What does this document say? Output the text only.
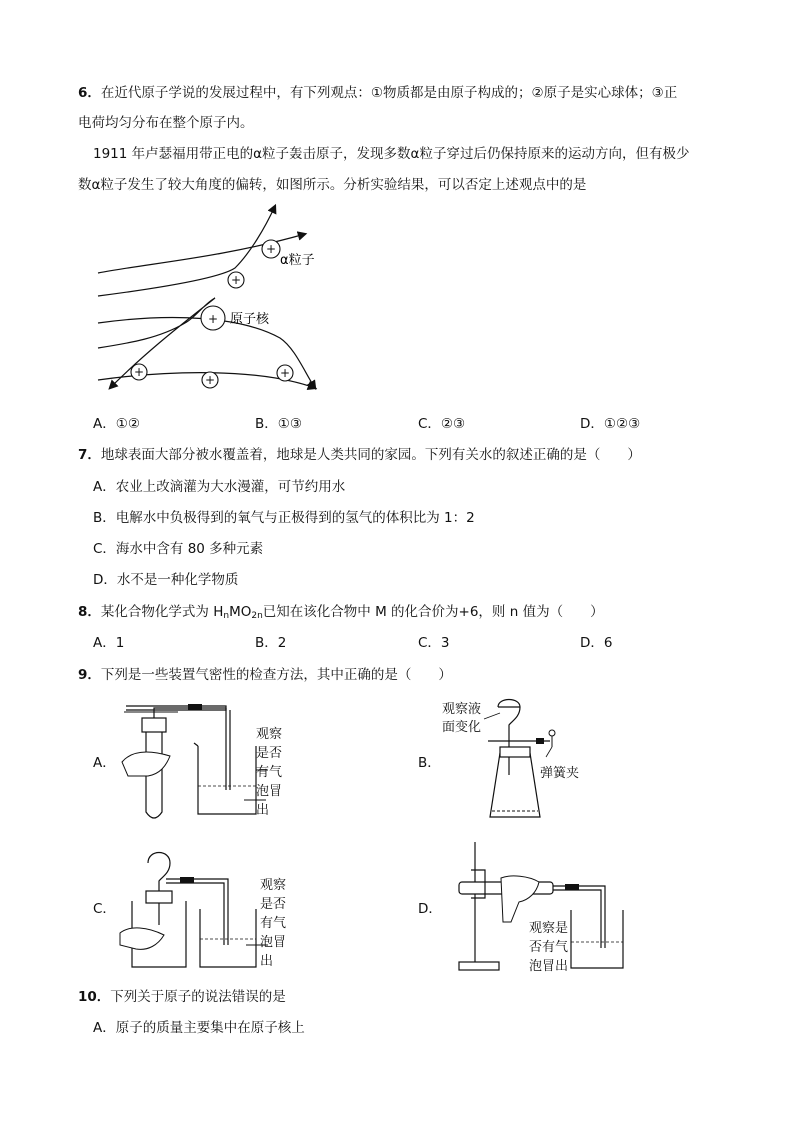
6．在近代原子学说的发展过程中，有下列观点：①物质都是由原子构成的；②原子是实心球体；③正
电荷均匀分布在整个原子内。
1911 年卢瑟福用带正电的α粒子轰击原子，发现多数α粒子穿过后仍保持原来的运动方向，但有极少
数α粒子发生了较大角度的偏转，如图所示。分析实验结果，可以否定上述观点中的是
+
+
+
+
+	+
α粒子
原子核
A．①②	B．①③	C．②③	D．①②③
7．地球表面大部分被水覆盖着，地球是人类共同的家园。下列有关水的叙述正确的是（　　）
A．农业上改滴灌为大水漫灌，可节约用水
B．电解水中负极得到的氧气与正极得到的氢气的体积比为 1：2
C．海水中含有 80 多种元素
D．水不是一种化学物质
8．某化合物化学式为 $H_nMO_{2n}$已知在该化合物中 M 的化合价为+6，则 n 值为（　　）
A．1	B．2	C．3	D．6
9．下列是一些装置气密性的检查方法，其中正确的是（　　）
A．
观察
是否
有气
泡冒
出
B．
观察液
面变化
弹簧夹
C．
观察
是否
有气
泡冒
出
D．
观察是
否有气
泡冒出
10．下列关于原子的说法错误的是
A．原子的质量主要集中在原子核上
